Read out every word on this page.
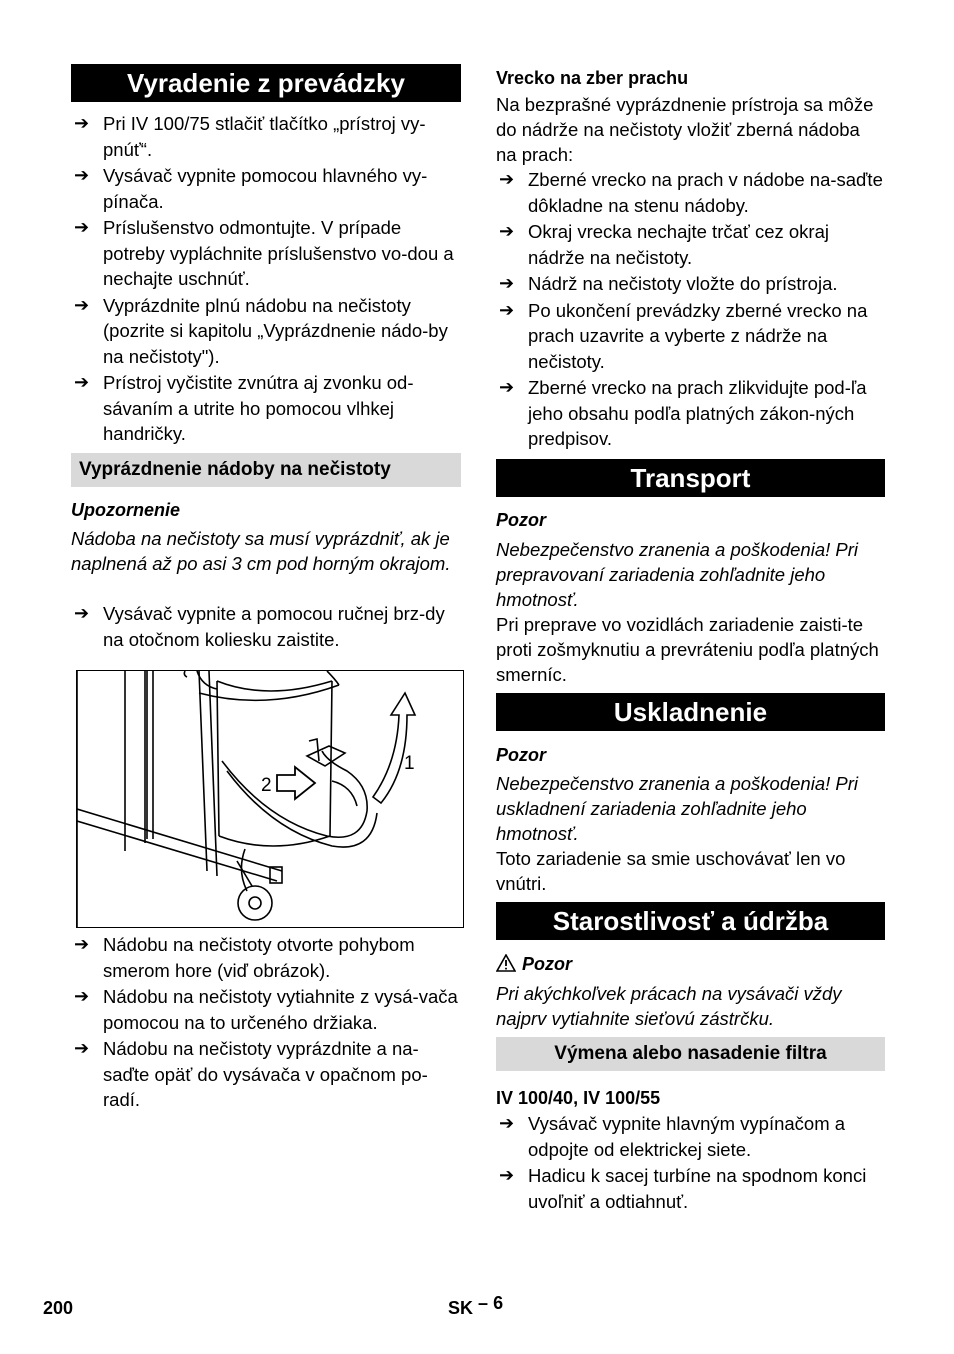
Vyradenie z prevádzky
➔ Pri IV 100/75 stlačiť tlačítko „prístroj vy-pnúť“.
➔ Vysávač vypnite pomocou hlavného vy-pínača.
➔ Príslušenstvo odmontujte. V prípade potreby vypláchnite príslušenstvo vo-dou a nechajte uschnúť.
➔ Vyprázdnite plnú nádobu na nečistoty (pozrite si kapitolu „Vyprázdnenie nádo-by na nečistoty").
➔ Prístroj vyčistite zvnútra aj zvonku od-sávaním a utrite ho pomocou vlhkej handričky.
Vyprázdnenie nádoby na nečistoty
Upozornenie
Nádoba na nečistoty sa musí vyprázdniť, ak je naplnená až po asi 3 cm pod horným okrajom.
➔ Vysávač vypnite a pomocou ručnej brz-dy na otočnom koliesku zaistite.
➔ Nádobu na nečistoty otvorte pohybom smerom hore (viď obrázok).
➔ Nádobu na nečistoty vytiahnite z vysá-vača pomocou na to určeného držiaka.
➔ Nádobu na nečistoty vyprázdnite a na-saďte opäť do vysávača v opačnom po-radí.
2
1
Vrecko na zber prachu
Na bezprašné vyprázdnenie prístroja sa môže do nádrže na nečistoty vložiť zberná nádoba na prach:
➔ Zberné vrecko na prach v nádobe na-saďte dôkladne na stenu nádoby.
➔ Okraj vrecka nechajte trčať cez okraj nádrže na nečistoty.
➔ Nádrž na nečistoty vložte do prístroja.
➔ Po ukončení prevádzky zberné vrecko na prach uzavrite a vyberte z nádrže na nečistoty.
➔ Zberné vrecko na prach zlikvidujte pod-ľa jeho obsahu podľa platných zákon-ných predpisov.
Transport
Pozor
Nebezpečenstvo zranenia a poškodenia! Pri prepravovaní zariadenia zohľadnite jeho hmotnosť.
Pri preprave vo vozidlách zariadenie zaisti-te proti zošmyknutiu a prevráteniu podľa platných smerníc.
Uskladnenie
Pozor
Nebezpečenstvo zranenia a poškodenia! Pri uskladnení zariadenia zohľadnite jeho hmotnosť.
Toto zariadenie sa smie uschovávať len vo vnútri.
Starostlivosť a údržba
Pozor
Pri akýchkoľvek prácach na vysávači vždy najprv vytiahnite sieťovú zástrčku.
Výmena alebo nasadenie filtra
IV 100/40, IV 100/55
➔ Vysávač vypnite hlavným vypínačom a odpojte od elektrickej siete.
➔ Hadicu k sacej turbíne na spodnom konci uvoľniť a odtiahnuť.
200	SK – 6
